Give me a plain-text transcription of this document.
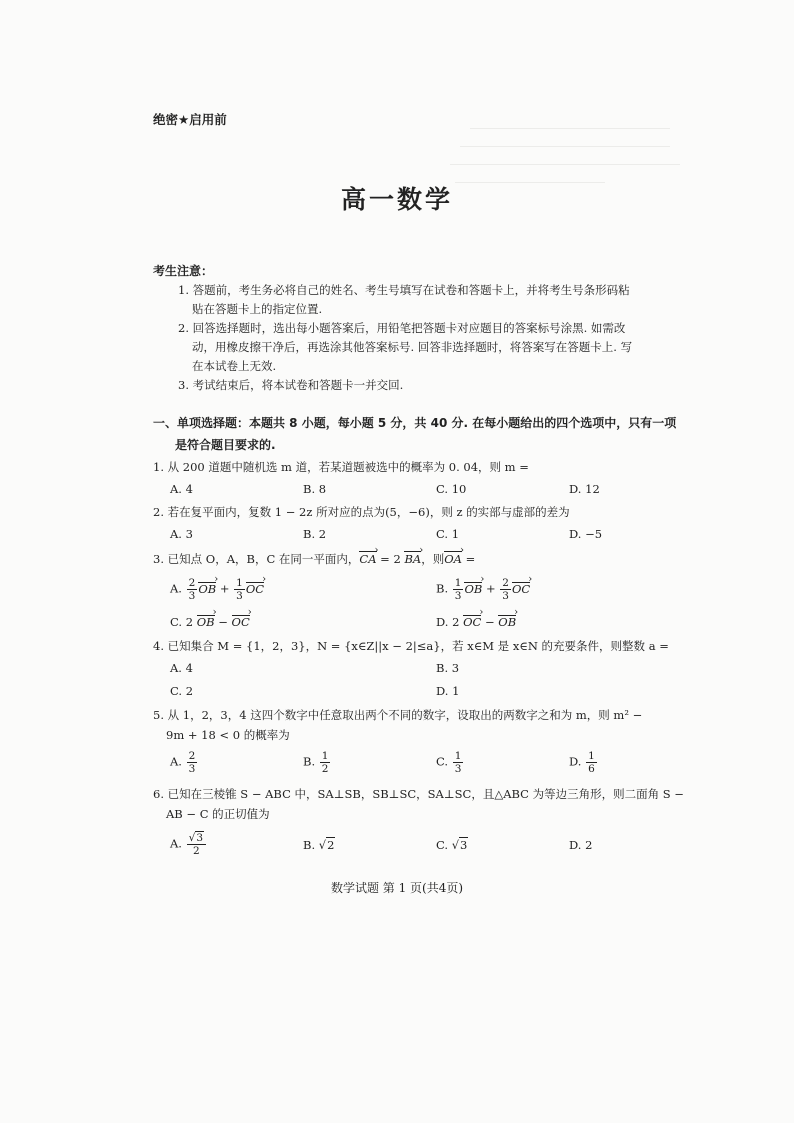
绝密★启用前
高一数学
考生注意：
1. 答题前，考生务必将自己的姓名、考生号填写在试卷和答题卡上，并将考生号条形码粘
贴在答题卡上的指定位置.
2. 回答选择题时，选出每小题答案后，用铅笔把答题卡对应题目的答案标号涂黑. 如需改
动，用橡皮擦干净后，再选涂其他答案标号. 回答非选择题时，将答案写在答题卡上. 写
在本试卷上无效.
3. 考试结束后，将本试卷和答题卡一并交回.
一、单项选择题：本题共 8 小题，每小题 5 分，共 40 分. 在每小题给出的四个选项中，只有一项
是符合题目要求的.
1. 从 200 道题中随机选 m 道，若某道题被选中的概率为 0. 04，则 m =
A. 4	B. 8	C. 10	D. 12
2. 若在复平面内，复数 1 − 2z 所对应的点为(5，−6)，则 z 的实部与虚部的差为
A. 3	B. 2	C. 1	D. −5
3. 已知点 O，A，B，C 在同一平面内，CA › = 2 BA ›，则OA › =
A. $\frac{2}{3}$ OB › + $\frac{1}{3}$ OC ›	B. $\frac{1}{3}$ OB › + $\frac{2}{3}$ OC ›
C. 2 OB › − OC ›	D. 2 OC › − OB ›
4. 已知集合 M = {1，2，3}，N = {x∈Z||x − 2|≤a}，若 x∈M 是 x∈N 的充要条件，则整数 a =
A. 4	B. 3
C. 2	D. 1
5. 从 1，2，3，4 这四个数字中任意取出两个不同的数字，设取出的两数字之和为 m，则 m² −
9m + 18 < 0 的概率为
A. $\frac{2}{3}$	B. $\frac{1}{2}$	C. $\frac{1}{3}$	D. $\frac{1}{6}$
6. 已知在三棱锥 S − ABC 中，SA⊥SB，SB⊥SC，SA⊥SC，且△ABC 为等边三角形，则二面角 S −
AB − C 的正切值为
A. $\frac{√3}{2}$	B. √2	C. √3	D. 2
数学试题 第 1 页(共4页)
